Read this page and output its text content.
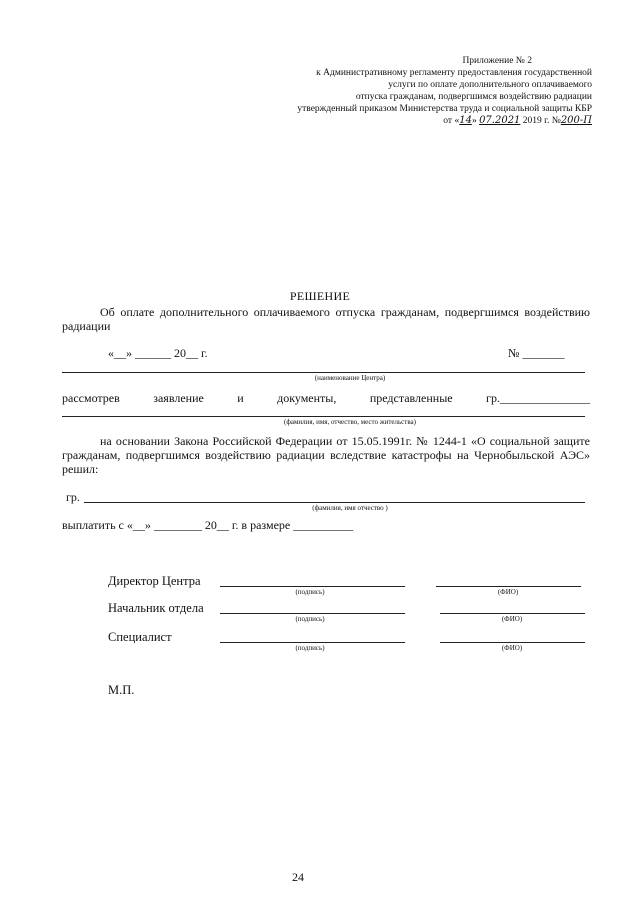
Приложение № 2
к Административному регламенту предоставления государственной
услуги по оплате дополнительного оплачиваемого
отпуска гражданам, подвергшимся воздействию радиации
утвержденный приказом Министерства труда и социальной защиты КБР
от «14» 07.2021 2019 г. №200-П
РЕШЕНИЕ
Об оплате дополнительного оплачиваемого отпуска гражданам, подвергшимся воздействию радиации
«__» ______ 20__ г.	№ _______
(наименование Центра)
рассмотрев	заявление	и	документы,	представленные	гр._______________
(фамилия, имя, отчество, место жительства)
на основании Закона Российской Федерации от 15.05.1991г. № 1244-1 «О социальной защите гражданам, подвергшимся воздействию радиации вследствие катастрофы на Чернобыльской АЭС» решил:
гр.
(фамилия, имя отчество )
выплатить с «__» ________ 20__ г. в размере __________
Директор Центра
(подпись)	(ФИО)
Начальник отдела
(подпись)	(ФИО)
Специалист
(подпись)	(ФИО)
М.П.
24
